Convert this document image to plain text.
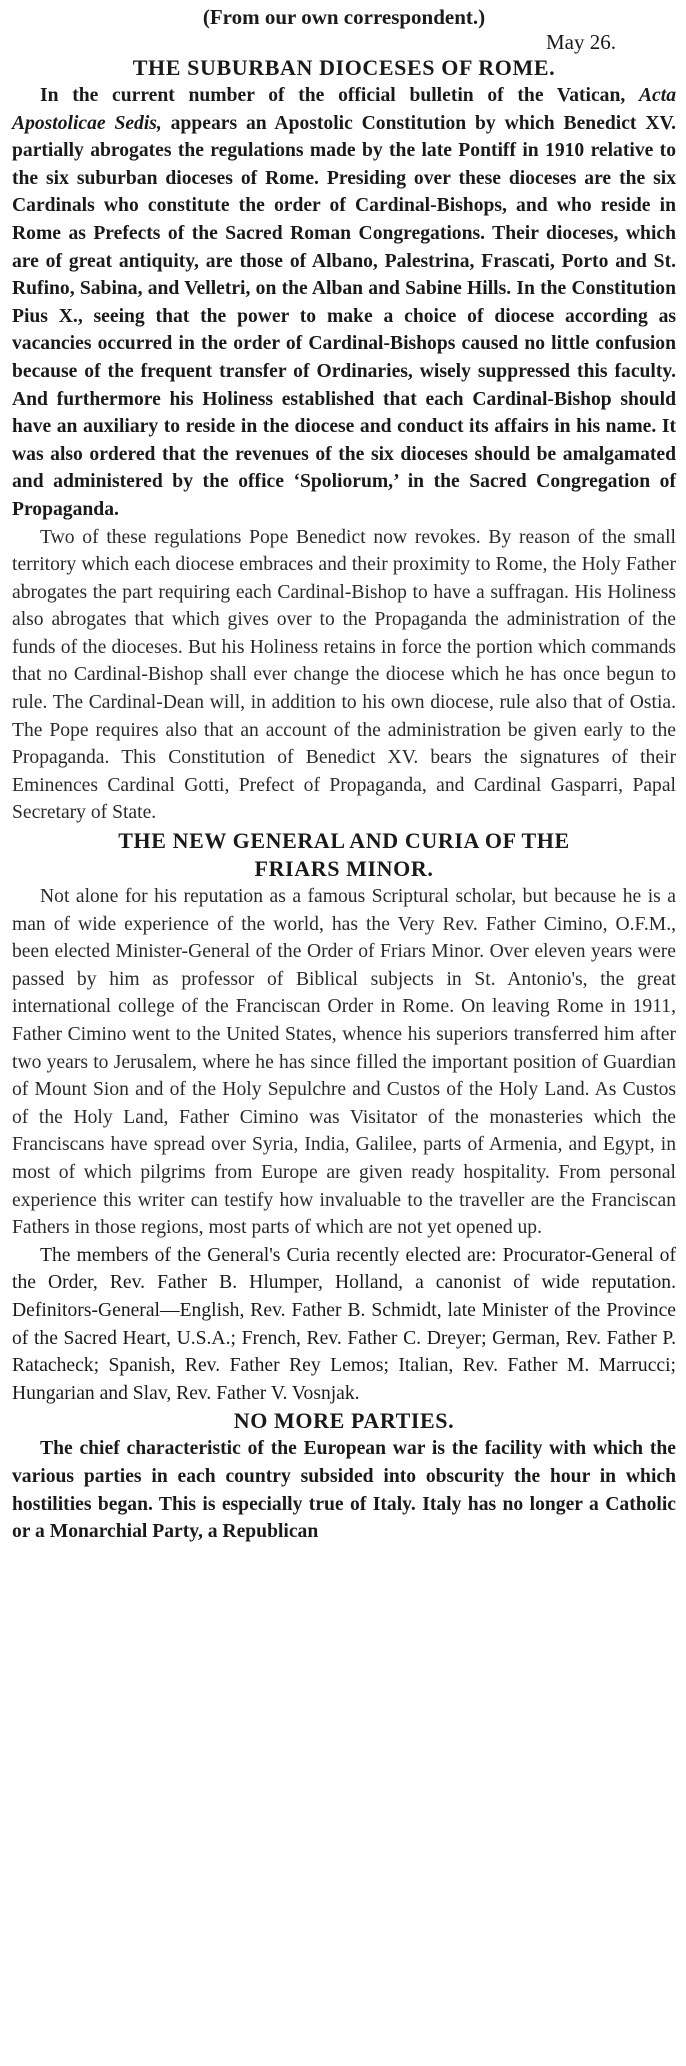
(From our own correspondent.)

May 26.

THE SUBURBAN DIOCESES OF ROME.

In the current number of the official bulletin of the Vatican, Acta Apostolicae Sedis, appears an Apostolic Constitution by which Benedict XV. partially abrogates the regulations made by the late Pontiff in 1910 relative to the six suburban dioceses of Rome. Presiding over these dioceses are the six Cardinals who constitute the order of Cardinal-Bishops, and who reside in Rome as Prefects of the Sacred Roman Congregations. Their dioceses, which are of great antiquity, are those of Albano, Palestrina, Frascati, Porto and St. Rufino, Sabina, and Velletri, on the Alban and Sabine Hills. In the Constitution Pius X., seeing that the power to make a choice of diocese according as vacancies occurred in the order of Cardinal-Bishops caused no little confusion because of the frequent transfer of Ordinaries, wisely suppressed this faculty. And furthermore his Holiness established that each Cardinal-Bishop should have an auxiliary to reside in the diocese and conduct its affairs in his name. It was also ordered that the revenues of the six dioceses should be amalgamated and administered by the office ‘Spoliorum,’ in the Sacred Congregation of Propaganda.

Two of these regulations Pope Benedict now revokes. By reason of the small territory which each diocese embraces and their proximity to Rome, the Holy Father abrogates the part requiring each Cardinal-Bishop to have a suffragan. His Holiness also abrogates that which gives over to the Propaganda the administration of the funds of the dioceses. But his Holiness retains in force the portion which commands that no Cardinal-Bishop shall ever change the diocese which he has once begun to rule. The Cardinal-Dean will, in addition to his own diocese, rule also that of Ostia. The Pope requires also that an account of the administration be given early to the Propaganda. This Constitution of Benedict XV. bears the signatures of their Eminences Cardinal Gotti, Prefect of Propaganda, and Cardinal Gasparri, Papal Secretary of State.

THE NEW GENERAL AND CURIA OF THE
FRIARS MINOR.

Not alone for his reputation as a famous Scriptural scholar, but because he is a man of wide experience of the world, has the Very Rev. Father Cimino, O.F.M., been elected Minister-General of the Order of Friars Minor. Over eleven years were passed by him as professor of Biblical subjects in St. Antonio's, the great international college of the Franciscan Order in Rome. On leaving Rome in 1911, Father Cimino went to the United States, whence his superiors transferred him after two years to Jerusalem, where he has since filled the important position of Guardian of Mount Sion and of the Holy Sepulchre and Custos of the Holy Land. As Custos of the Holy Land, Father Cimino was Visitator of the monasteries which the Franciscans have spread over Syria, India, Galilee, parts of Armenia, and Egypt, in most of which pilgrims from Europe are given ready hospitality. From personal experience this writer can testify how invaluable to the traveller are the Franciscan Fathers in those regions, most parts of which are not yet opened up.

The members of the General's Curia recently elected are: Procurator-General of the Order, Rev. Father B. Hlumper, Holland, a canonist of wide reputation. Definitors-General—English, Rev. Father B. Schmidt, late Minister of the Province of the Sacred Heart, U.S.A.; French, Rev. Father C. Dreyer; German, Rev. Father P. Ratacheck; Spanish, Rev. Father Rey Lemos; Italian, Rev. Father M. Marrucci; Hungarian and Slav, Rev. Father V. Vosnjak.

NO MORE PARTIES.

The chief characteristic of the European war is the facility with which the various parties in each country subsided into obscurity the hour in which hostilities began. This is especially true of Italy. Italy has no longer a Catholic or a Monarchial Party, a Republican
